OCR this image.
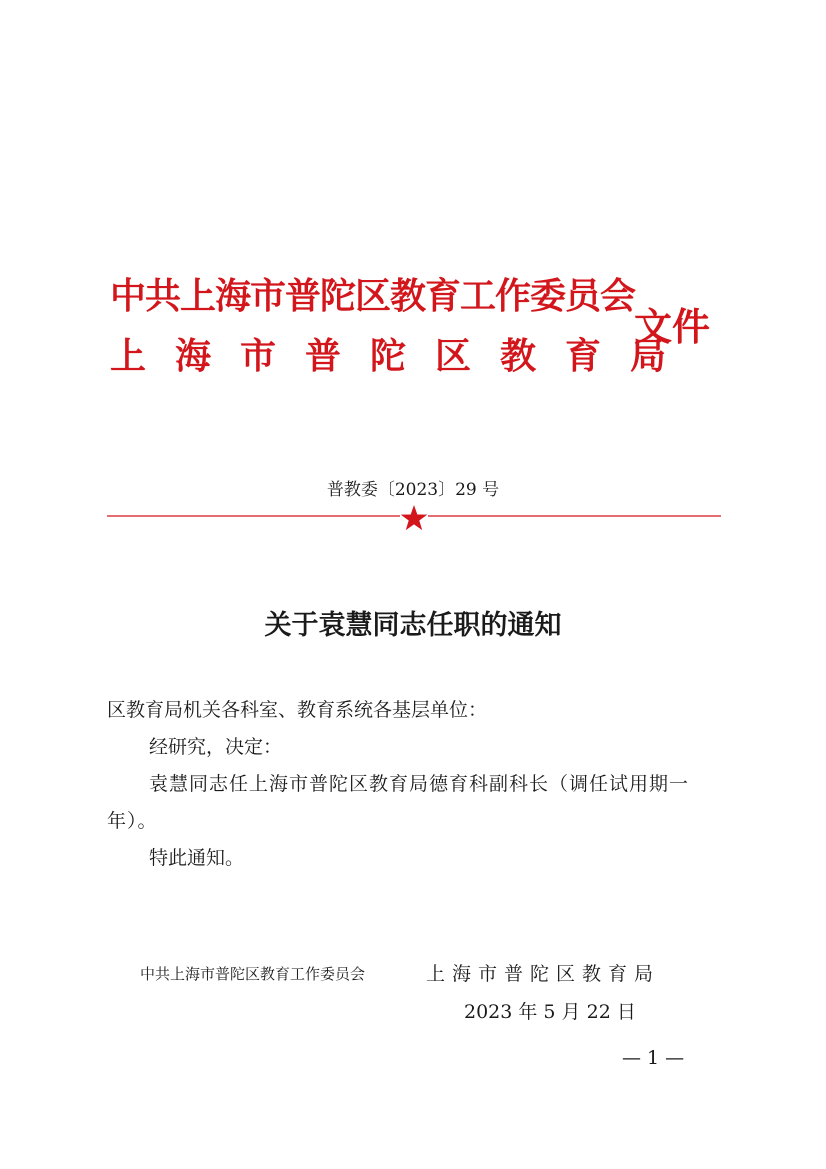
中共上海市普陀区教育工作委员会
上海市普陀区教育局
文件
普教委〔2023〕29 号
关于袁慧同志任职的通知
区教育局机关各科室、教育系统各基层单位：
经研究，决定：
袁慧同志任上海市普陀区教育局德育科副科长（调任试用期一年）。
特此通知。
中共上海市普陀区教育工作委员会	上海市普陀区教育局
2023 年 5 月 22 日
— 1 —
